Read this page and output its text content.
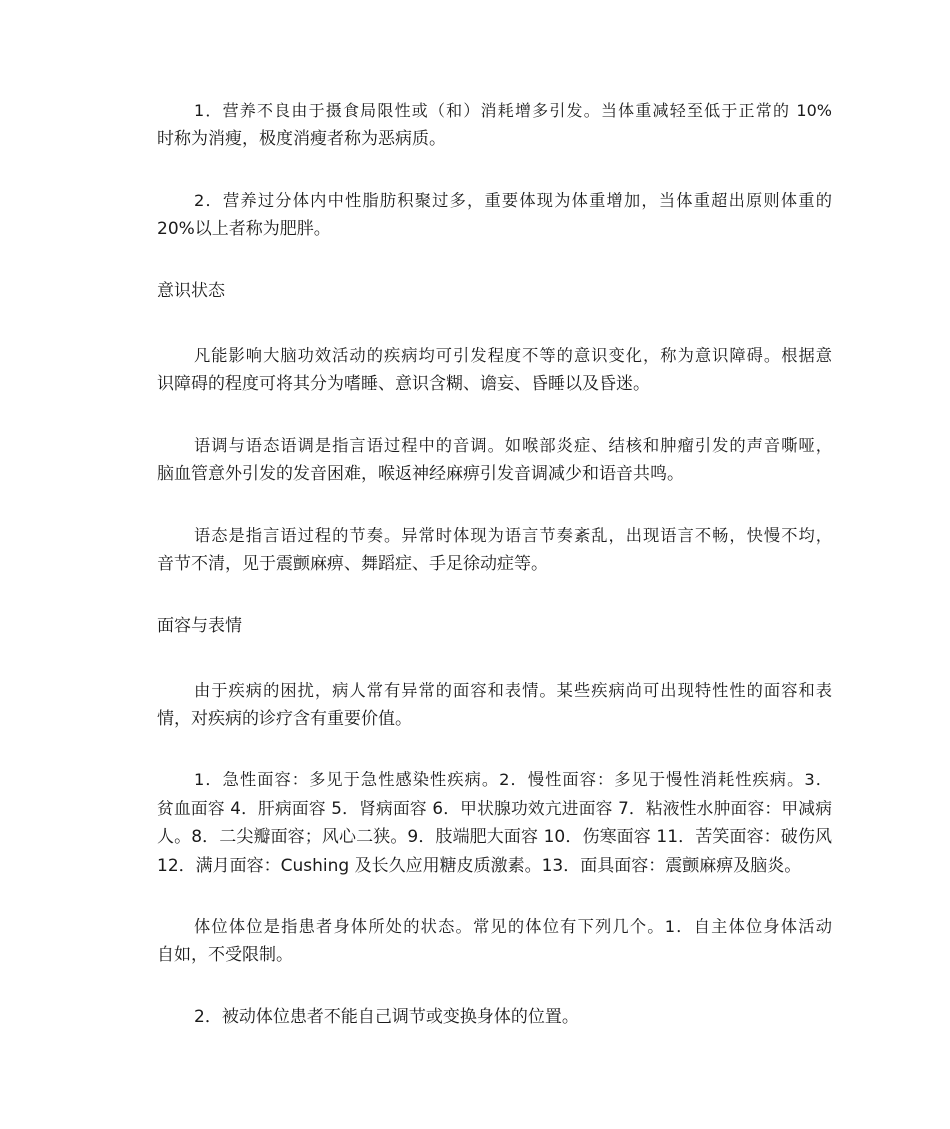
1．营养不良由于摄食局限性或（和）消耗增多引发。当体重减轻至低于正常的 10%
时称为消瘦，极度消瘦者称为恶病质。

2．营养过分体内中性脂肪积聚过多，重要体现为体重增加，当体重超出原则体重的
20%以上者称为肥胖。

意识状态

凡能影响大脑功效活动的疾病均可引发程度不等的意识变化，称为意识障碍。根据意
识障碍的程度可将其分为嗜睡、意识含糊、谵妄、昏睡以及昏迷。

语调与语态语调是指言语过程中的音调。如喉部炎症、结核和肿瘤引发的声音嘶哑，
脑血管意外引发的发音困难，喉返神经麻痹引发音调减少和语音共鸣。

语态是指言语过程的节奏。异常时体现为语言节奏紊乱，出现语言不畅，快慢不均，
音节不清，见于震颤麻痹、舞蹈症、手足徐动症等。

面容与表情

由于疾病的困扰，病人常有异常的面容和表情。某些疾病尚可出现特性性的面容和表
情，对疾病的诊疗含有重要价值。

1．急性面容：多见于急性感染性疾病。2．慢性面容：多见于慢性消耗性疾病。3．
贫血面容 4．肝病面容 5．肾病面容 6．甲状腺功效亢进面容 7．粘液性水肿面容：甲减病
人。8．二尖瓣面容；风心二狭。9．肢端肥大面容 10．伤寒面容 11．苦笑面容：破伤风
12．满月面容：Cushing 及长久应用糖皮质激素。13．面具面容：震颤麻痹及脑炎。

体位体位是指患者身体所处的状态。常见的体位有下列几个。1．自主体位身体活动
自如，不受限制。

2．被动体位患者不能自己调节或变换身体的位置。
